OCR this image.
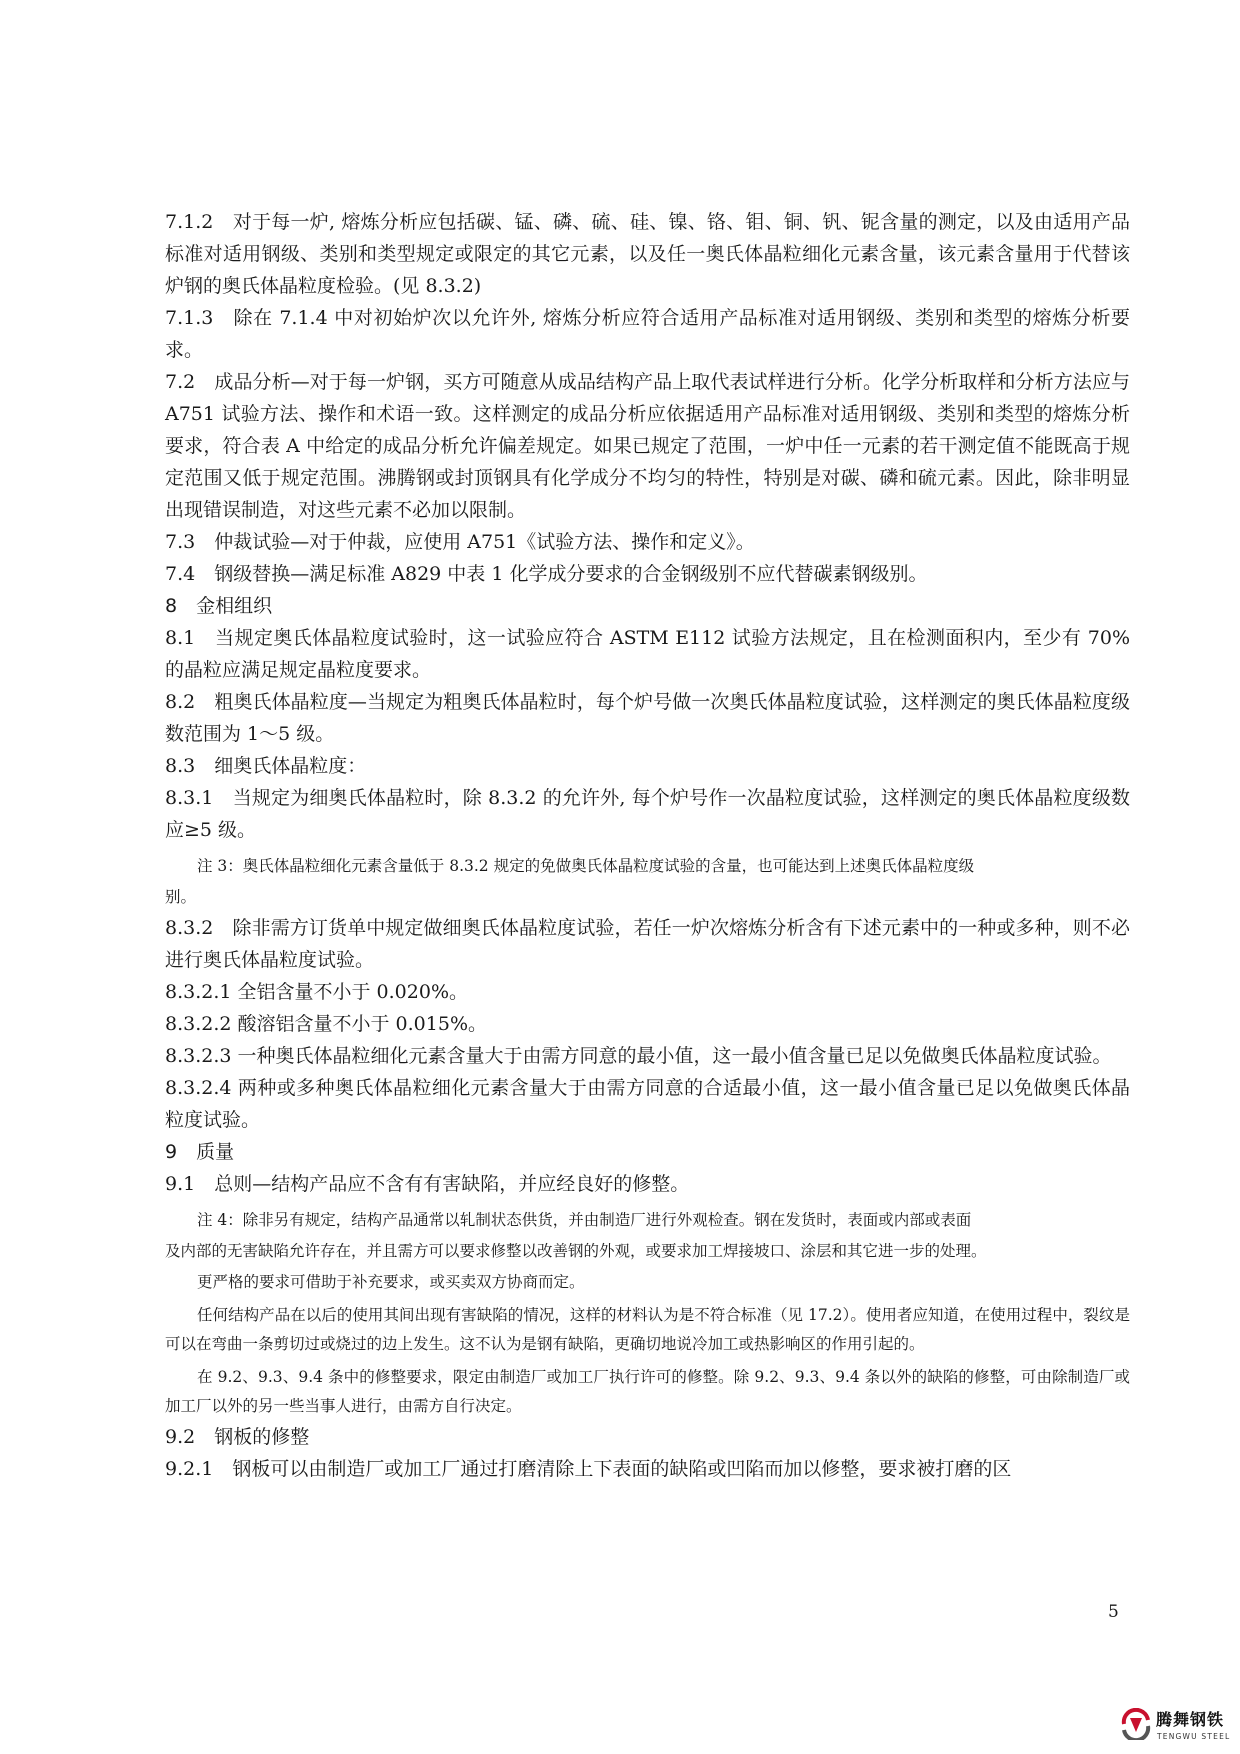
7.1.2　对于每一炉, 熔炼分析应包括碳、锰、磷、硫、硅、镍、铬、钼、铜、钒、铌含量的测定，以及由适用产品标准对适用钢级、类别和类型规定或限定的其它元素，以及任一奥氏体晶粒细化元素含量，该元素含量用于代替该炉钢的奥氏体晶粒度检验。(见 8.3.2)

7.1.3　除在 7.1.4 中对初始炉次以允许外, 熔炼分析应符合适用产品标准对适用钢级、类别和类型的熔炼分析要求。

7.2　成品分析—对于每一炉钢，买方可随意从成品结构产品上取代表试样进行分析。化学分析取样和分析方法应与 A751 试验方法、操作和术语一致。这样测定的成品分析应依据适用产品标准对适用钢级、类别和类型的熔炼分析要求，符合表 A 中给定的成品分析允许偏差规定。如果已规定了范围，一炉中任一元素的若干测定值不能既高于规定范围又低于规定范围。沸腾钢或封顶钢具有化学成分不均匀的特性，特别是对碳、磷和硫元素。因此，除非明显出现错误制造，对这些元素不必加以限制。

7.3　仲裁试验—对于仲裁，应使用 A751《试验方法、操作和定义》。

7.4　钢级替换—满足标准 A829 中表 1 化学成分要求的合金钢级别不应代替碳素钢级别。

8　金相组织

8.1　当规定奥氏体晶粒度试验时，这一试验应符合 ASTM E112 试验方法规定，且在检测面积内，至少有 70%的晶粒应满足规定晶粒度要求。

8.2　粗奥氏体晶粒度—当规定为粗奥氏体晶粒时，每个炉号做一次奥氏体晶粒度试验，这样测定的奥氏体晶粒度级数范围为 1～5 级。

8.3　细奥氏体晶粒度：

8.3.1　当规定为细奥氏体晶粒时，除 8.3.2 的允许外, 每个炉号作一次晶粒度试验，这样测定的奥氏体晶粒度级数应≥5 级。

注 3：奥氏体晶粒细化元素含量低于 8.3.2 规定的免做奥氏体晶粒度试验的含量，也可能达到上述奥氏体晶粒度级

别。

8.3.2　除非需方订货单中规定做细奥氏体晶粒度试验，若任一炉次熔炼分析含有下述元素中的一种或多种，则不必进行奥氏体晶粒度试验。

8.3.2.1 全铝含量不小于 0.020%。

8.3.2.2 酸溶铝含量不小于 0.015%。

8.3.2.3 一种奥氏体晶粒细化元素含量大于由需方同意的最小值，这一最小值含量已足以免做奥氏体晶粒度试验。

8.3.2.4 两种或多种奥氏体晶粒细化元素含量大于由需方同意的合适最小值，这一最小值含量已足以免做奥氏体晶粒度试验。

9　质量

9.1　总则—结构产品应不含有有害缺陷，并应经良好的修整。

注 4：除非另有规定，结构产品通常以轧制状态供货，并由制造厂进行外观检查。钢在发货时，表面或内部或表面

及内部的无害缺陷允许存在，并且需方可以要求修整以改善钢的外观，或要求加工焊接坡口、涂层和其它进一步的处理。

更严格的要求可借助于补充要求，或买卖双方协商而定。

任何结构产品在以后的使用其间出现有害缺陷的情况，这样的材料认为是不符合标准（见 17.2）。使用者应知道，在使用过程中，裂纹是可以在弯曲一条剪切过或烧过的边上发生。这不认为是钢有缺陷，更确切地说冷加工或热影响区的作用引起的。

在 9.2、9.3、9.4 条中的修整要求，限定由制造厂或加工厂执行许可的修整。除 9.2、9.3、9.4 条以外的缺陷的修整，可由除制造厂或加工厂以外的另一些当事人进行，由需方自行决定。

9.2　钢板的修整

9.2.1　钢板可以由制造厂或加工厂通过打磨清除上下表面的缺陷或凹陷而加以修整，要求被打磨的区

5
腾舞钢铁
TENGWU STEEL
